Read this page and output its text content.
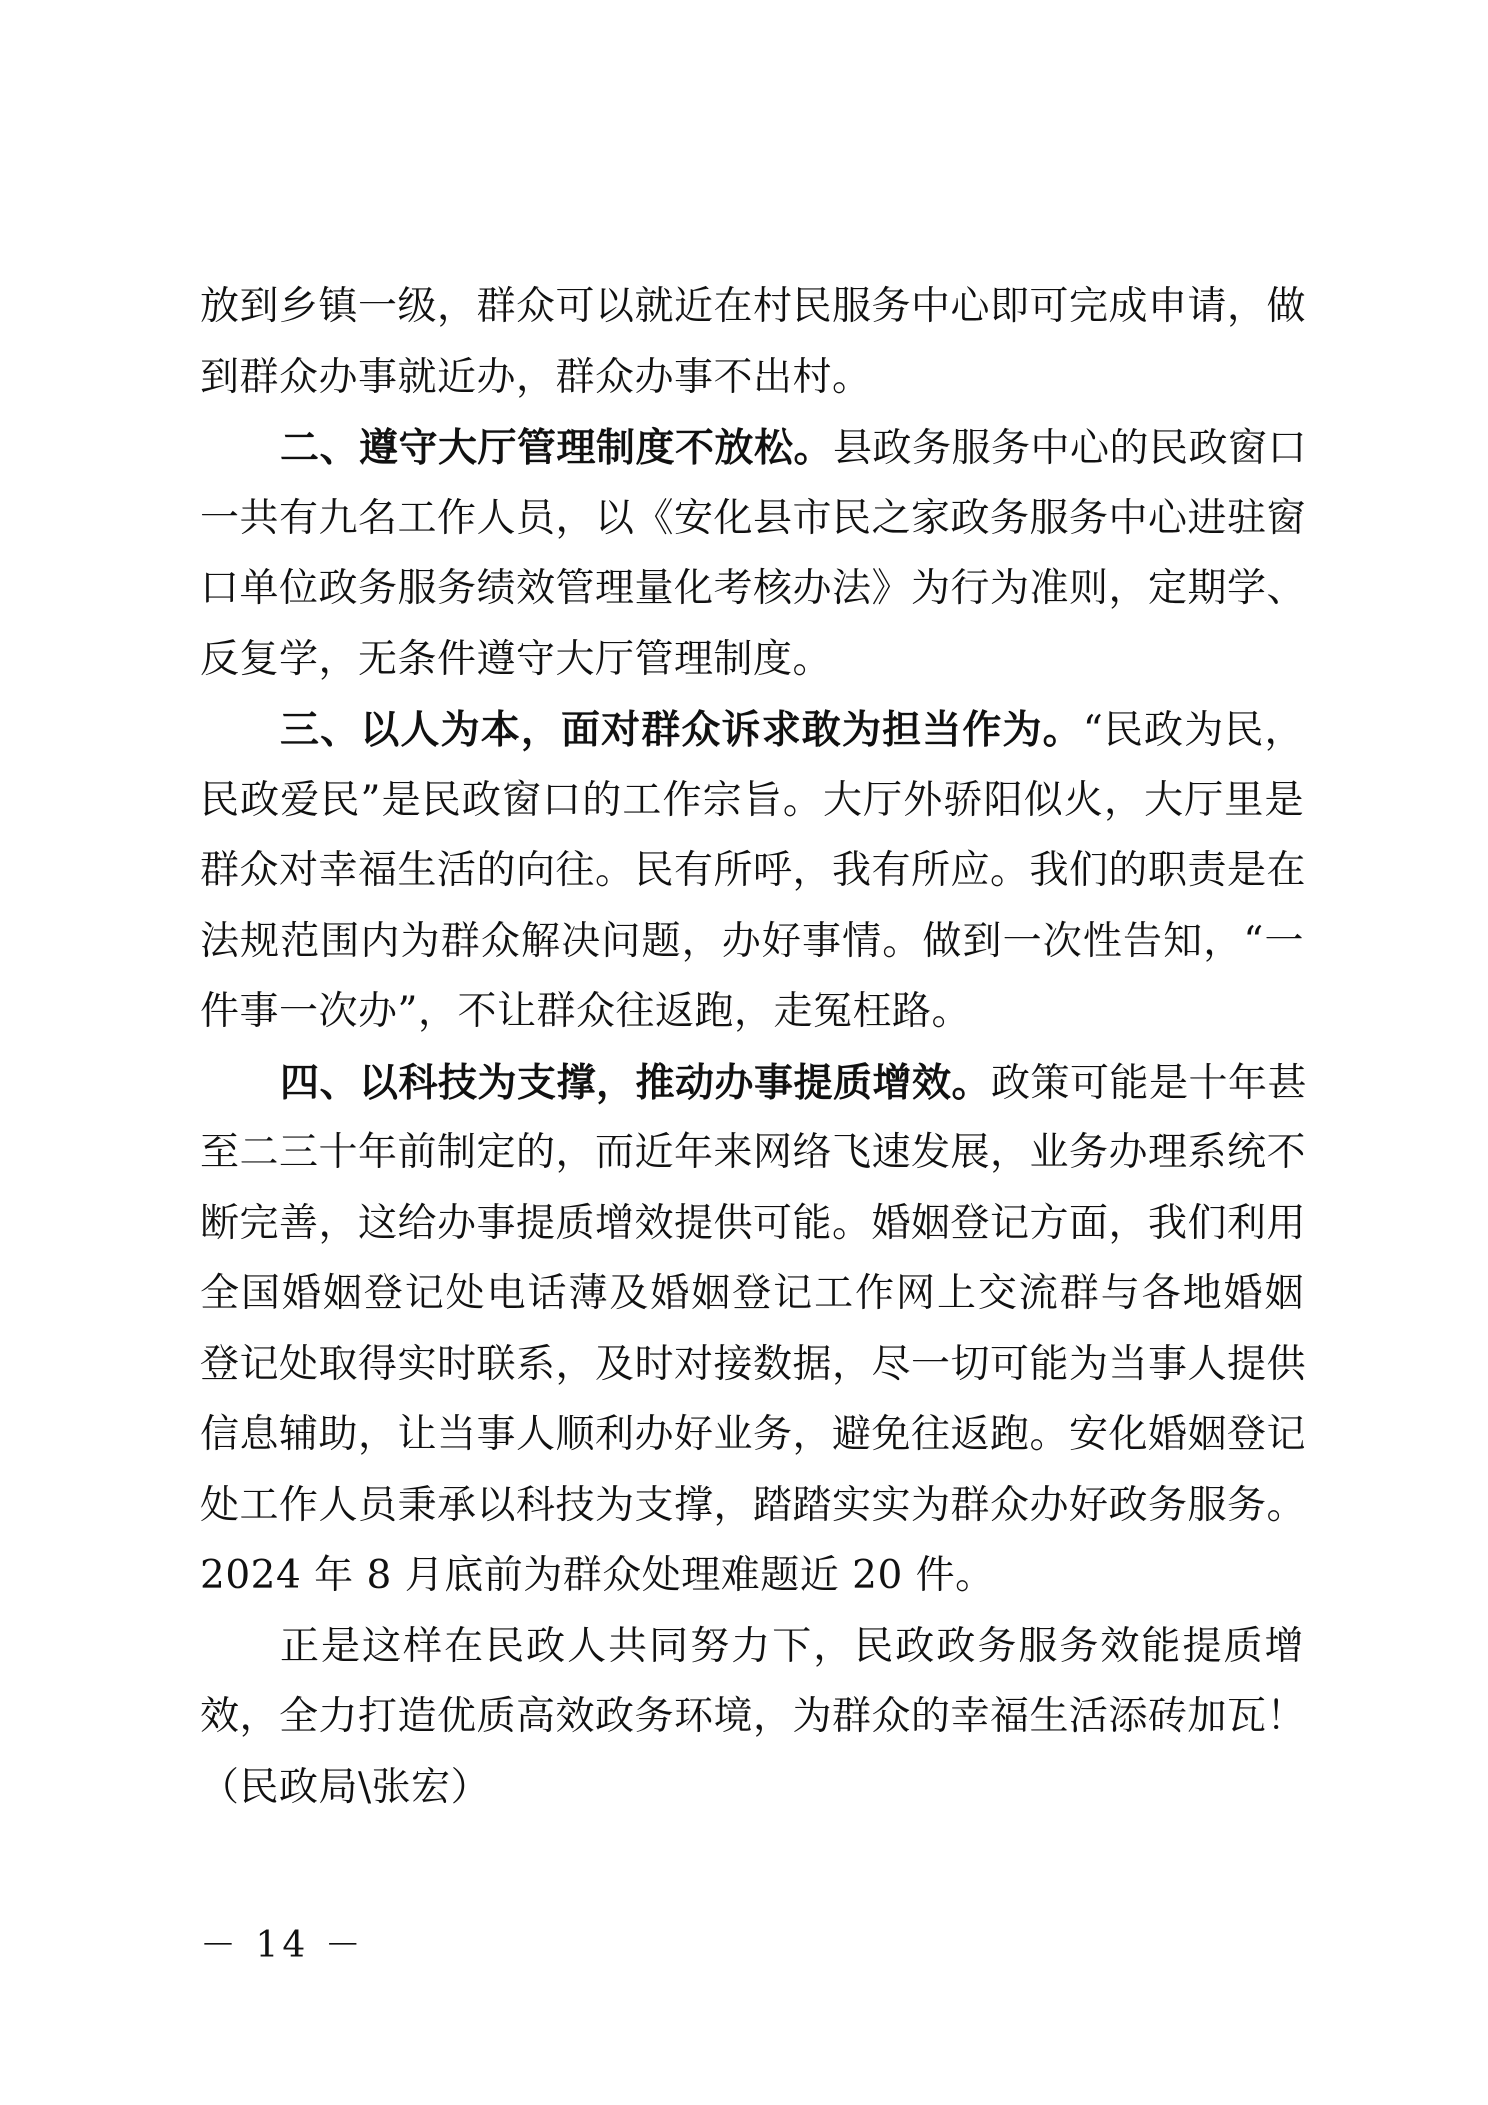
放到乡镇一级，群众可以就近在村民服务中心即可完成申请，做
到群众办事就近办，群众办事不出村。
二、遵守大厅管理制度不放松。县政务服务中心的民政窗口
一共有九名工作人员，以《安化县市民之家政务服务中心进驻窗
口单位政务服务绩效管理量化考核办法》为行为准则，定期学、
反复学，无条件遵守大厅管理制度。
三、以人为本，面对群众诉求敢为担当作为。“民政为民，
民政爱民”是民政窗口的工作宗旨。大厅外骄阳似火，大厅里是
群众对幸福生活的向往。民有所呼，我有所应。我们的职责是在
法规范围内为群众解决问题，办好事情。做到一次性告知，“一
件事一次办”，不让群众往返跑，走冤枉路。
四、以科技为支撑，推动办事提质增效。政策可能是十年甚
至二三十年前制定的，而近年来网络飞速发展，业务办理系统不
断完善，这给办事提质增效提供可能。婚姻登记方面，我们利用
全国婚姻登记处电话薄及婚姻登记工作网上交流群与各地婚姻
登记处取得实时联系，及时对接数据，尽一切可能为当事人提供
信息辅助，让当事人顺利办好业务，避免往返跑。安化婚姻登记
处工作人员秉承以科技为支撑，踏踏实实为群众办好政务服务。
2024 年 8 月底前为群众处理难题近 20 件。
正是这样在民政人共同努力下，民政政务服务效能提质增
效，全力打造优质高效政务环境，为群众的幸福生活添砖加瓦！
（民政局\张宏）
－ 14 －
